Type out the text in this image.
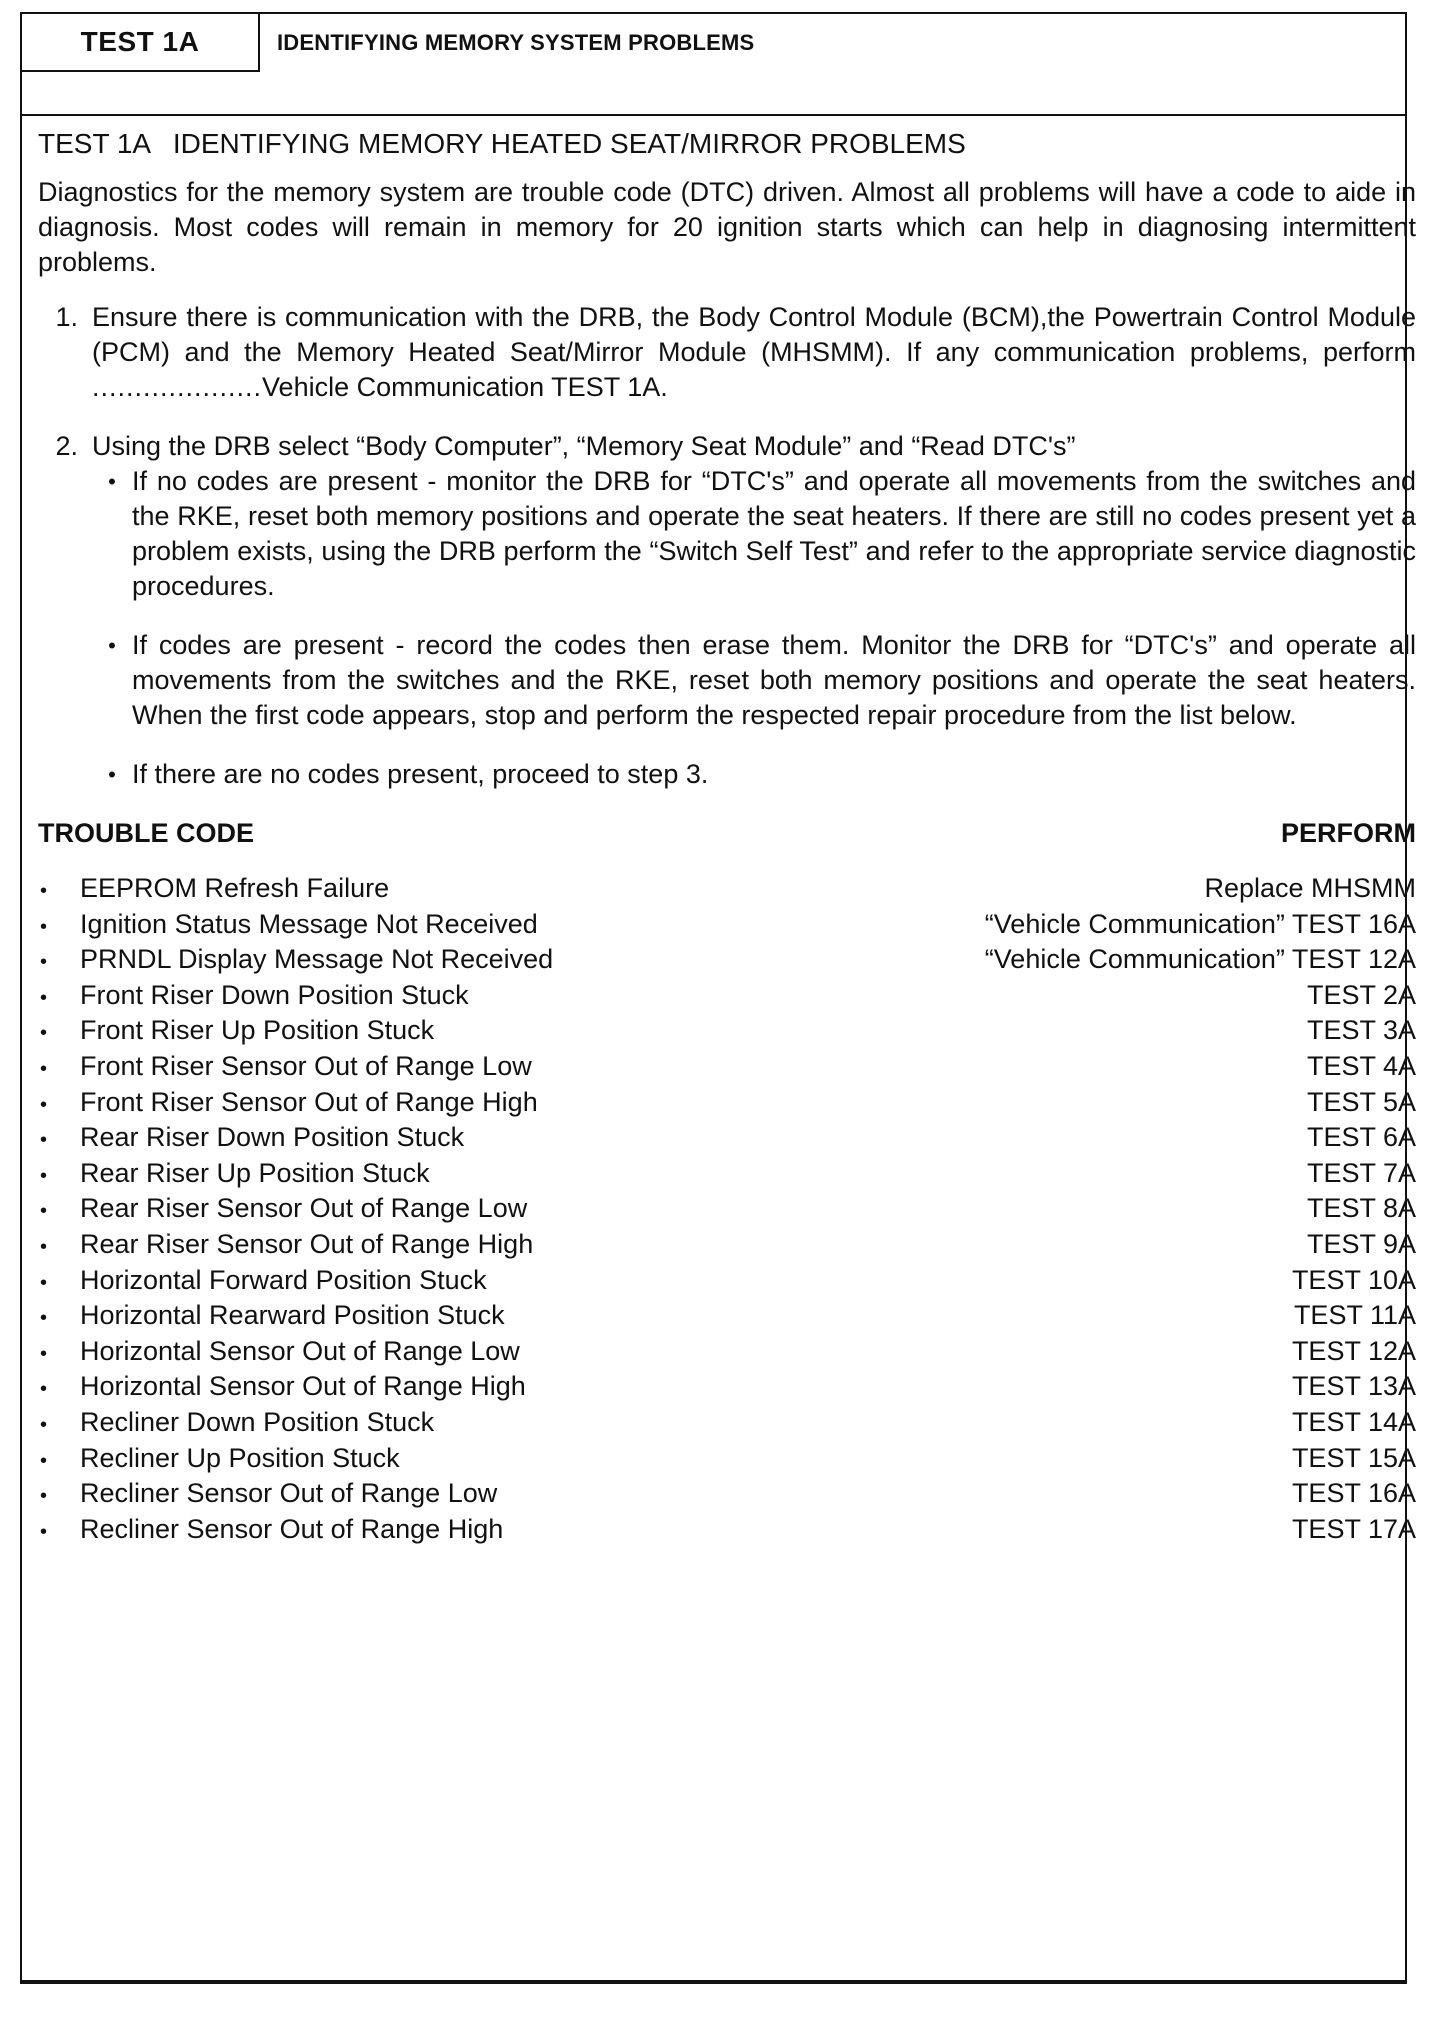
TEST 1A	IDENTIFYING MEMORY SYSTEM PROBLEMS
TEST 1A   IDENTIFYING MEMORY HEATED SEAT/MIRROR PROBLEMS

Diagnostics for the memory system are trouble code (DTC) driven. Almost all problems will have a code to aide in diagnosis. Most codes will remain in memory for 20 ignition starts which can help in diagnosing intermittent problems.

1. Ensure there is communication with the DRB, the Body Control Module (BCM),the Powertrain Control Module (PCM) and the Memory Heated Seat/Mirror Module (MHSMM). If any communication problems, perform ....................Vehicle Communication TEST 1A.
2. Using the DRB select “Body Computer”, “Memory Seat Module” and “Read DTC's”
• If no codes are present - monitor the DRB for “DTC's” and operate all movements from the switches and the RKE, reset both memory positions and operate the seat heaters. If there are still no codes present yet a problem exists, using the DRB perform the “Switch Self Test” and refer to the appropriate service diagnostic procedures.
• If codes are present - record the codes then erase them. Monitor the DRB for “DTC's” and operate all movements from the switches and the RKE, reset both memory positions and operate the seat heaters. When the first code appears, stop and perform the respected repair procedure from the list below.
• If there are no codes present, proceed to step 3.
TROUBLE CODE	PERFORM
•	EEPROM Refresh Failure	Replace MHSMM
•	Ignition Status Message Not Received	“Vehicle Communication” TEST 16A
•	PRNDL Display Message Not Received	“Vehicle Communication” TEST 12A
•	Front Riser Down Position Stuck	TEST 2A
•	Front Riser Up Position Stuck	TEST 3A
•	Front Riser Sensor Out of Range Low	TEST 4A
•	Front Riser Sensor Out of Range High	TEST 5A
•	Rear Riser Down Position Stuck	TEST 6A
•	Rear Riser Up Position Stuck	TEST 7A
•	Rear Riser Sensor Out of Range Low	TEST 8A
•	Rear Riser Sensor Out of Range High	TEST 9A
•	Horizontal Forward Position Stuck	TEST 10A
•	Horizontal Rearward Position Stuck	TEST 11A
•	Horizontal Sensor Out of Range Low	TEST 12A
•	Horizontal Sensor Out of Range High	TEST 13A
•	Recliner Down Position Stuck	TEST 14A
•	Recliner Up Position Stuck	TEST 15A
•	Recliner Sensor Out of Range Low	TEST 16A
•	Recliner Sensor Out of Range High	TEST 17A
